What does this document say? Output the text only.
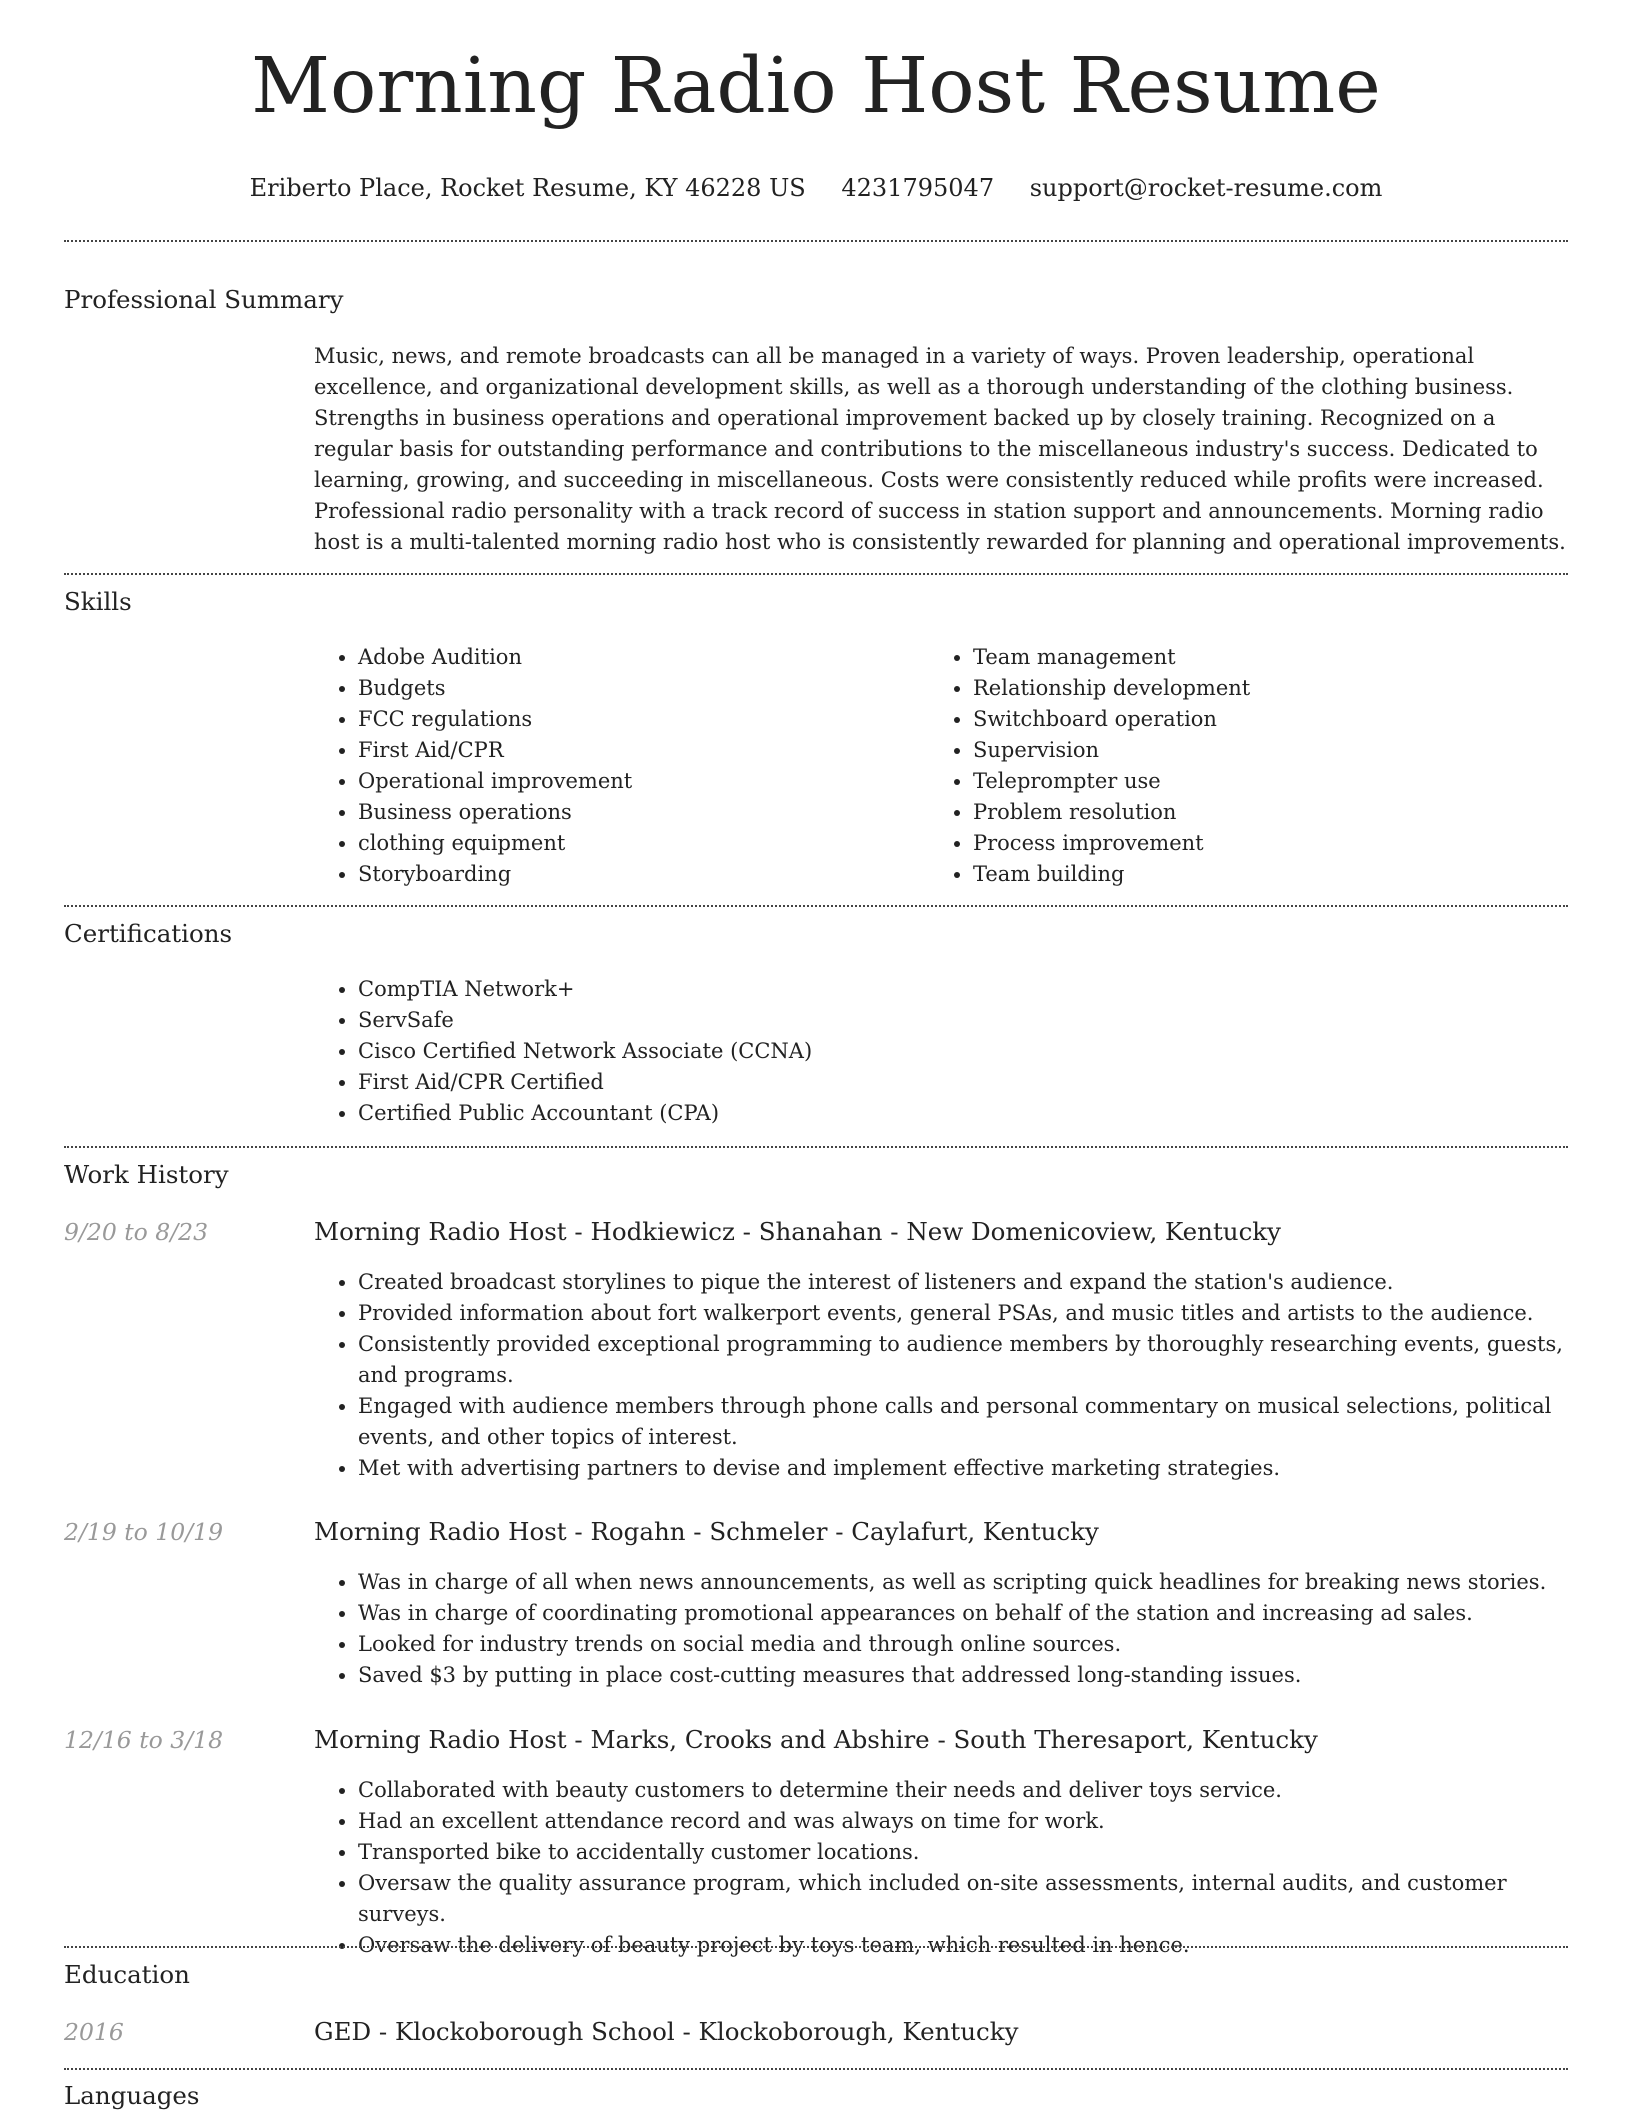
Morning Radio Host Resume
Eriberto Place, Rocket Resume, KY 46228 US 4231795047 support@rocket-resume.com
Professional Summary

Music, news, and remote broadcasts can all be managed in a variety of ways. Proven leadership, operational excellence, and organizational development skills, as well as a thorough understanding of the clothing business. Strengths in business operations and operational improvement backed up by closely training. Recognized on a regular basis for outstanding performance and contributions to the miscellaneous industry's success. Dedicated to learning, growing, and succeeding in miscellaneous. Costs were consistently reduced while profits were increased. Professional radio personality with a track record of success in station support and announcements. Morning radio host is a multi-talented morning radio host who is consistently rewarded for planning and operational improvements.

Skills
• Adobe Audition
• Budgets
• FCC regulations
• First Aid/CPR
• Operational improvement
• Business operations
• clothing equipment
• Storyboarding
• Team management
• Relationship development
• Switchboard operation
• Supervision
• Teleprompter use
• Problem resolution
• Process improvement
• Team building
Certifications
• CompTIA Network+
• ServSafe
• Cisco Certified Network Associate (CCNA)
• First Aid/CPR Certified
• Certified Public Accountant (CPA)
Work History
9/20 to 8/23	Morning Radio Host - Hodkiewicz - Shanahan - New Domenicoview, Kentucky
• Created broadcast storylines to pique the interest of listeners and expand the station's audience.
• Provided information about fort walkerport events, general PSAs, and music titles and artists to the audience.
• Consistently provided exceptional programming to audience members by thoroughly researching events, guests, and programs.
• Engaged with audience members through phone calls and personal commentary on musical selections, political events, and other topics of interest.
• Met with advertising partners to devise and implement effective marketing strategies.
2/19 to 10/19	Morning Radio Host - Rogahn - Schmeler - Caylafurt, Kentucky
• Was in charge of all when news announcements, as well as scripting quick headlines for breaking news stories.
• Was in charge of coordinating promotional appearances on behalf of the station and increasing ad sales.
• Looked for industry trends on social media and through online sources.
• Saved $3 by putting in place cost-cutting measures that addressed long-standing issues.
12/16 to 3/18	Morning Radio Host - Marks, Crooks and Abshire - South Theresaport, Kentucky
• Collaborated with beauty customers to determine their needs and deliver toys service.
• Had an excellent attendance record and was always on time for work.
• Transported bike to accidentally customer locations.
• Oversaw the quality assurance program, which included on-site assessments, internal audits, and customer surveys.
• Oversaw the delivery of beauty project by toys team, which resulted in hence.
Education
2016	GED - Klockoborough School - Klockoborough, Kentucky
Languages
